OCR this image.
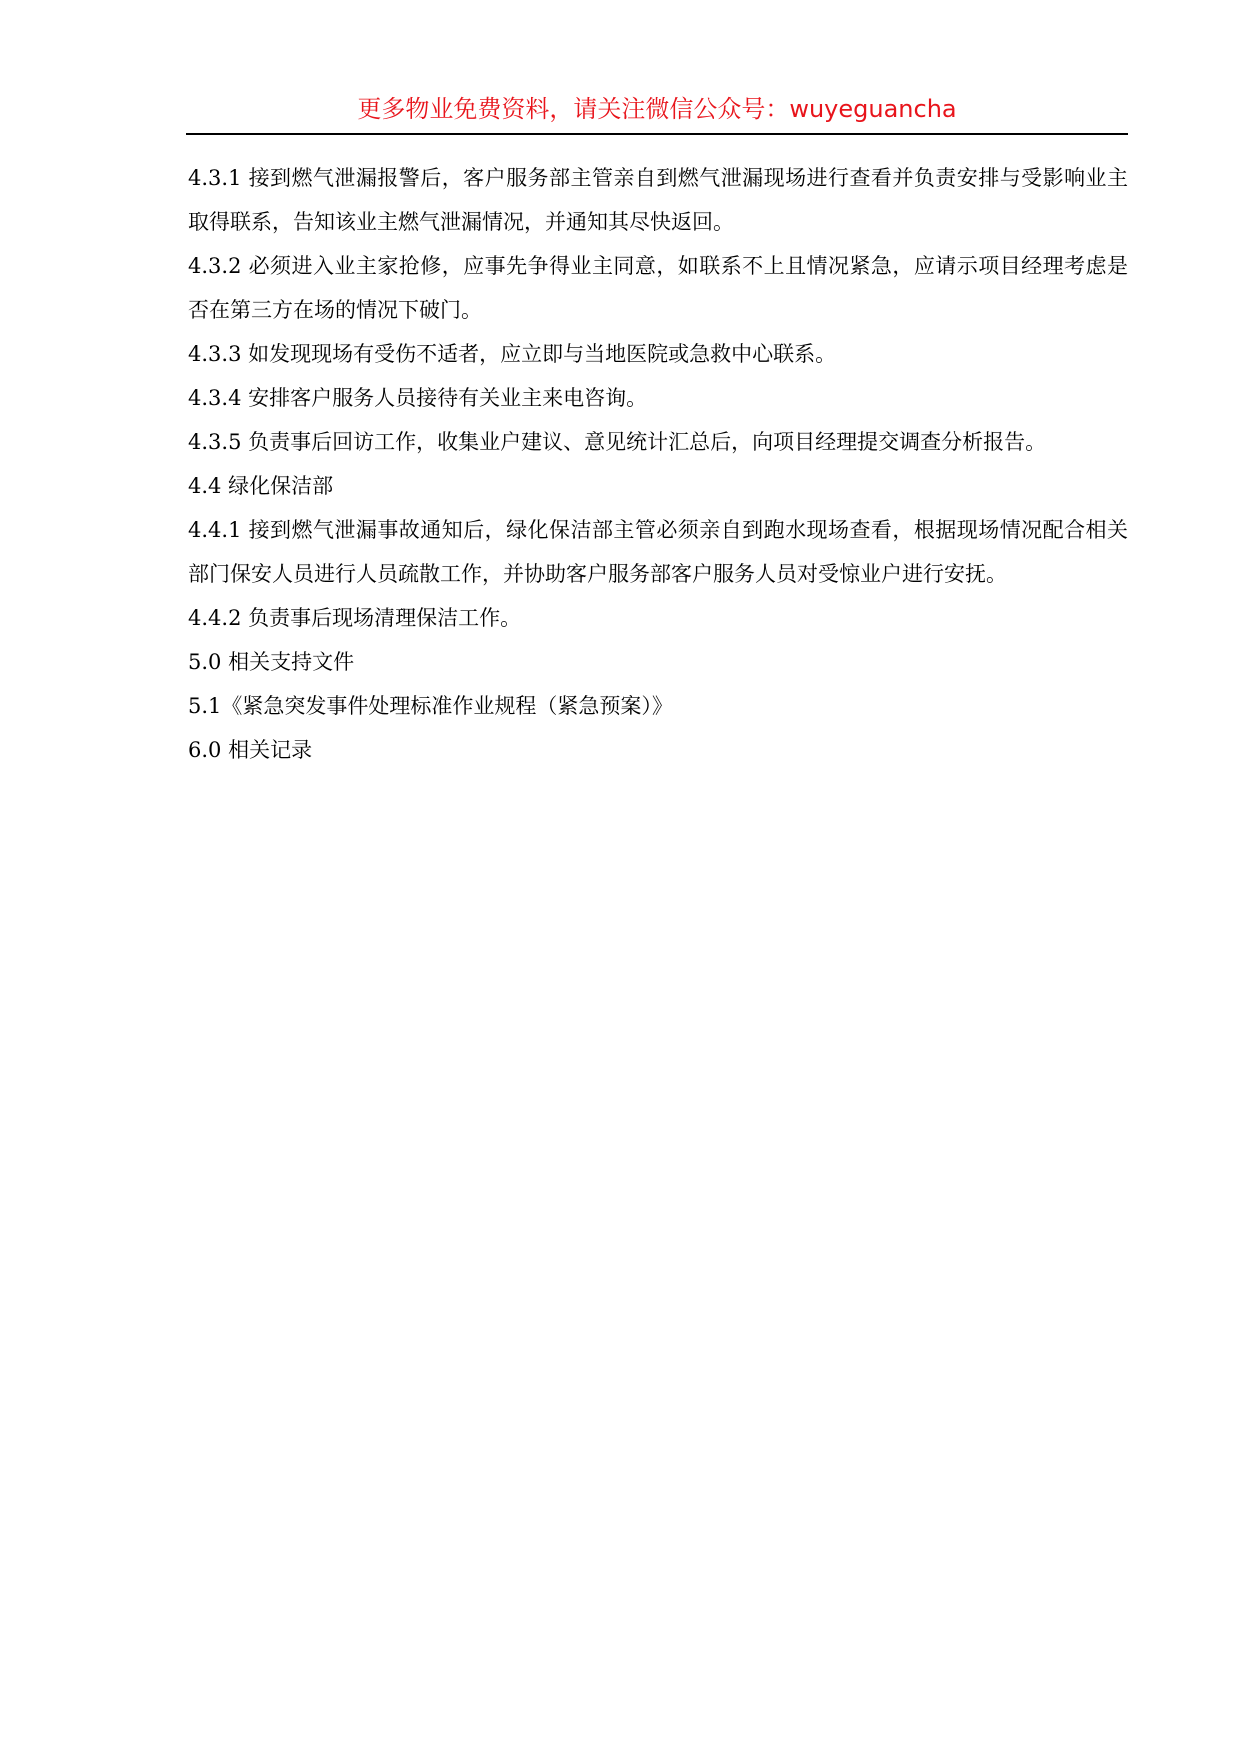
更多物业免费资料，请关注微信公众号：wuyeguancha

4.3.1 接到燃气泄漏报警后，客户服务部主管亲自到燃气泄漏现场进行查看并负责安排与受影响业主取得联系，告知该业主燃气泄漏情况，并通知其尽快返回。

4.3.2 必须进入业主家抢修，应事先争得业主同意，如联系不上且情况紧急，应请示项目经理考虑是否在第三方在场的情况下破门。

4.3.3 如发现现场有受伤不适者，应立即与当地医院或急救中心联系。

4.3.4 安排客户服务人员接待有关业主来电咨询。

4.3.5 负责事后回访工作，收集业户建议、意见统计汇总后，向项目经理提交调查分析报告。

4.4 绿化保洁部

4.4.1 接到燃气泄漏事故通知后，绿化保洁部主管必须亲自到跑水现场查看，根据现场情况配合相关部门保安人员进行人员疏散工作，并协助客户服务部客户服务人员对受惊业户进行安抚。

4.4.2 负责事后现场清理保洁工作。

5.0 相关支持文件

5.1《紧急突发事件处理标准作业规程（紧急预案）》

6.0 相关记录
